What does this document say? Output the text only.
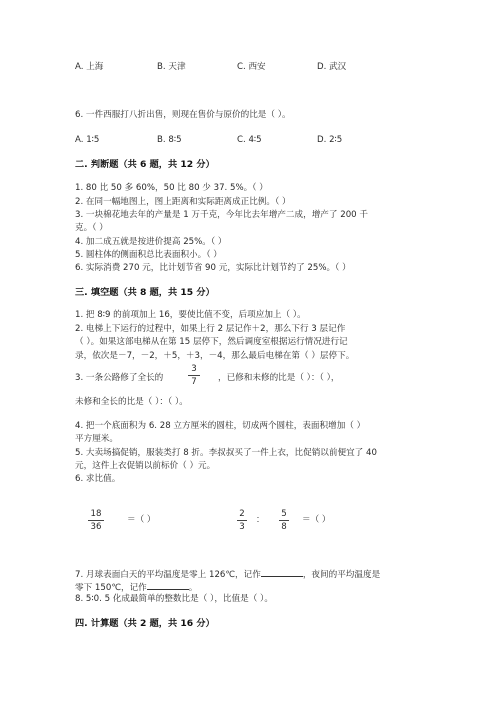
A. 上海	B. 天津	C. 西安	D. 武汉
6. 一件西服打八折出售，则现在售价与原价的比是（ ）。
A. 1∶5	B. 8∶5	C. 4∶5	D. 2∶5
二. 判断题（共 6 题，共 12 分）
1. 80 比 50 多 60%，50 比 80 少 37. 5%。（ ）
2. 在同一幅地图上，图上距离和实际距离成正比例。（ ）
3. 一块棉花地去年的产量是 1 万千克，今年比去年增产二成，增产了 200 千
克。（ ）
4. 加二成五就是按进价提高 25%。（ ）
5. 圆柱体的侧面积总比表面积小。（ ）
6. 实际消费 270 元，比计划节省 90 元，实际比计划节约了 25%。（ ）
三. 填空题（共 8 题，共 15 分）
1. 把 8∶9 的前项加上 16，要使比值不变，后项应加上（ ）。
2. 电梯上下运行的过程中，如果上行 2 层记作＋2，那么下行 3 层记作
（ ）。如果这部电梯从在第 15 层停下，然后调度室根据运行情况进行记
录，依次是－7，－2，＋5，＋3，－4，那么最后电梯在第（ ）层停下。
3. 一条公路修了全长的
3
7	，已修和未修的比是（ ）：（ ），
未修和全长的比是（ ）：（ ）。
4. 把一个底面积为 6. 28 立方厘米的圆柱，切成两个圆柱，表面积增加（ ）
平方厘米。
5. 大卖场搞促销，服装类打 8 折。李叔叔买了一件上衣，比促销以前便宜了 40
元，这件上衣促销以前标价（ ）元。
6. 求比值。
18
36
＝（ ）
2
3
：
5
8
＝（ ）
7. 月球表面白天的平均温度是零上 126℃，记作	，夜间的平均温度是
零下 150℃，记作	。
8. 5∶0. 5 化成最简单的整数比是（ ），比值是（ ）。
四. 计算题（共 2 题，共 16 分）
